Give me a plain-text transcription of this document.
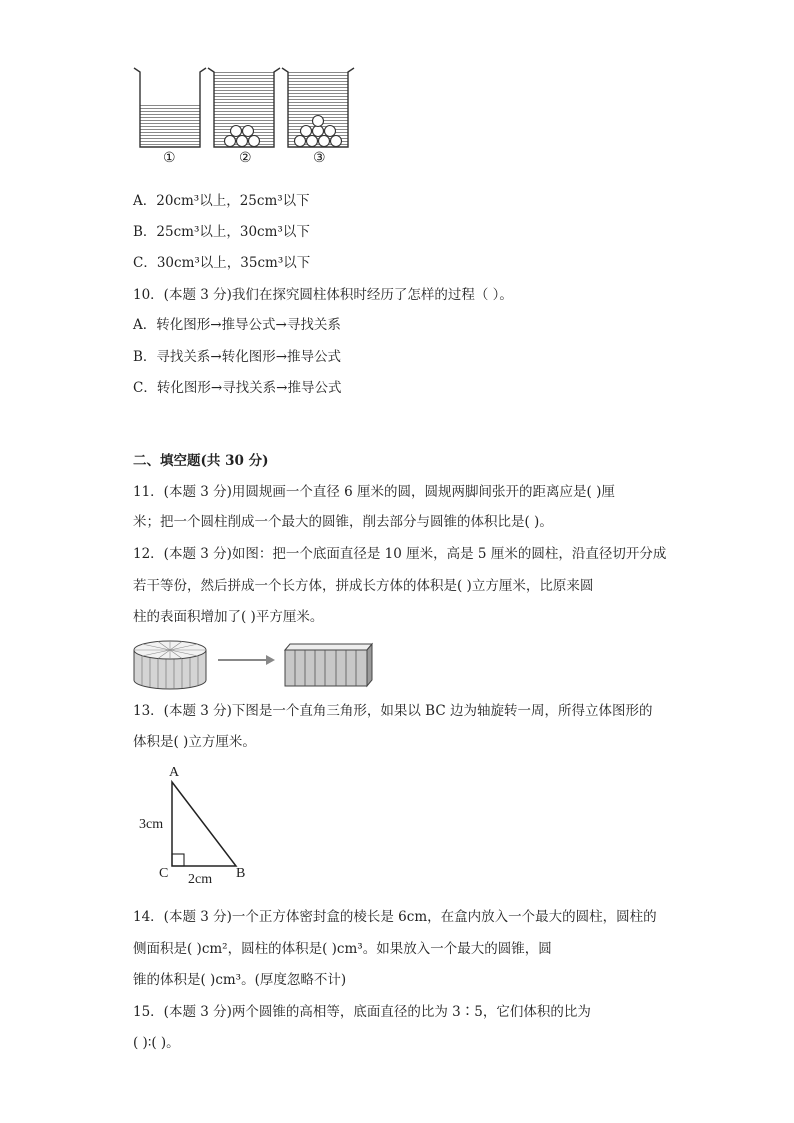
①	②	③
A．20cm³以上，25cm³以下
B．25cm³以上，30cm³以下
C．30cm³以上，35cm³以下
10．(本题 3 分)我们在探究圆柱体积时经历了怎样的过程（ ）。
A．转化图形→推导公式→寻找关系
B．寻找关系→转化图形→推导公式
C．转化图形→寻找关系→推导公式
二、填空题(共 30 分)
11．(本题 3 分)用圆规画一个直径 6 厘米的圆，圆规两脚间张开的距离应是( )厘
米；把一个圆柱削成一个最大的圆锥，削去部分与圆锥的体积比是( )。
12．(本题 3 分)如图：把一个底面直径是 10 厘米，高是 5 厘米的圆柱，沿直径切开分成
若干等份，然后拼成一个长方体，拼成长方体的体积是( )立方厘米，比原来圆
柱的表面积增加了( )平方厘米。
13．(本题 3 分)下图是一个直角三角形，如果以 BC 边为轴旋转一周，所得立体图形的
体积是( )立方厘米。
A
3cm
C 2cm B
14．(本题 3 分)一个正方体密封盒的棱长是 6cm，在盒内放入一个最大的圆柱，圆柱的
侧面积是( )cm²，圆柱的体积是( )cm³。如果放入一个最大的圆锥，圆
锥的体积是( )cm³。(厚度忽略不计)
15．(本题 3 分)两个圆锥的高相等，底面直径的比为 3∶5，它们体积的比为
( )∶( )。
